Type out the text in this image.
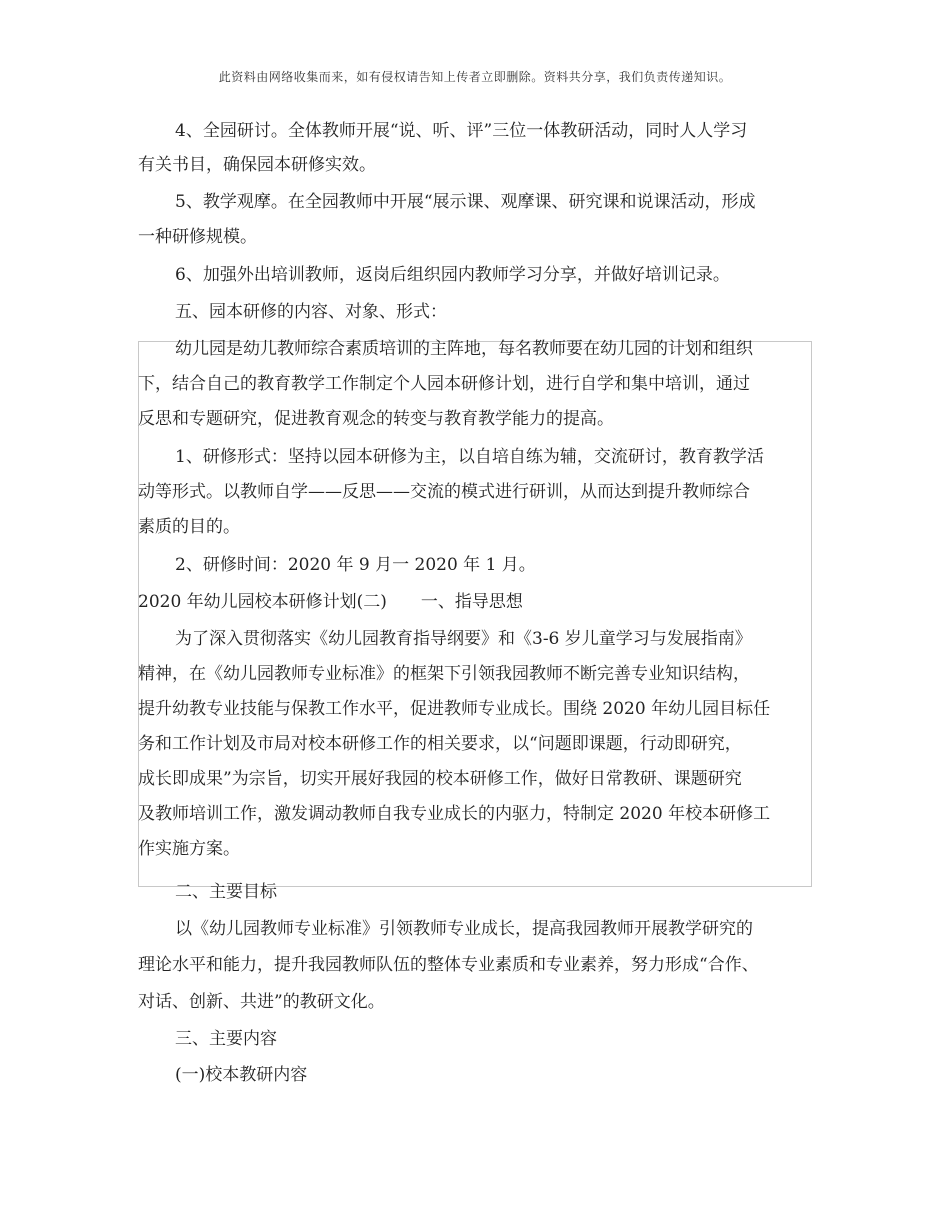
此资料由网络收集而来，如有侵权请告知上传者立即删除。资料共分享，我们负责传递知识。
4、全园研讨。全体教师开展“说、听、评”三位一体教研活动，同时人人学习
有关书目，确保园本研修实效。
5、教学观摩。在全园教师中开展“展示课、观摩课、研究课和说课活动，形成
一种研修规模。
6、加强外出培训教师，返岗后组织园内教师学习分享，并做好培训记录。
五、园本研修的内容、对象、形式：
幼儿园是幼儿教师综合素质培训的主阵地，每名教师要在幼儿园的计划和组织
下，结合自己的教育教学工作制定个人园本研修计划，进行自学和集中培训，通过
反思和专题研究，促进教育观念的转变与教育教学能力的提高。
1、研修形式：坚持以园本研修为主，以自培自练为辅，交流研讨，教育教学活
动等形式。以教师自学——反思——交流的模式进行研训，从而达到提升教师综合
素质的目的。
2、研修时间：2020 年 9 月一 2020 年 1 月。
2020 年幼儿园校本研修计划(二)　　一、指导思想
为了深入贯彻落实《幼儿园教育指导纲要》和《3-6 岁儿童学习与发展指南》
精神，在《幼儿园教师专业标准》的框架下引领我园教师不断完善专业知识结构，
提升幼教专业技能与保教工作水平，促进教师专业成长。围绕 2020 年幼儿园目标任
务和工作计划及市局对校本研修工作的相关要求，以“问题即课题，行动即研究，
成长即成果”为宗旨，切实开展好我园的校本研修工作，做好日常教研、课题研究
及教师培训工作，激发调动教师自我专业成长的内驱力，特制定 2020 年校本研修工
作实施方案。
二、主要目标
以《幼儿园教师专业标准》引领教师专业成长，提高我园教师开展教学研究的
理论水平和能力，提升我园教师队伍的整体专业素质和专业素养，努力形成“合作、
对话、创新、共进”的教研文化。
三、主要内容
(一)校本教研内容
